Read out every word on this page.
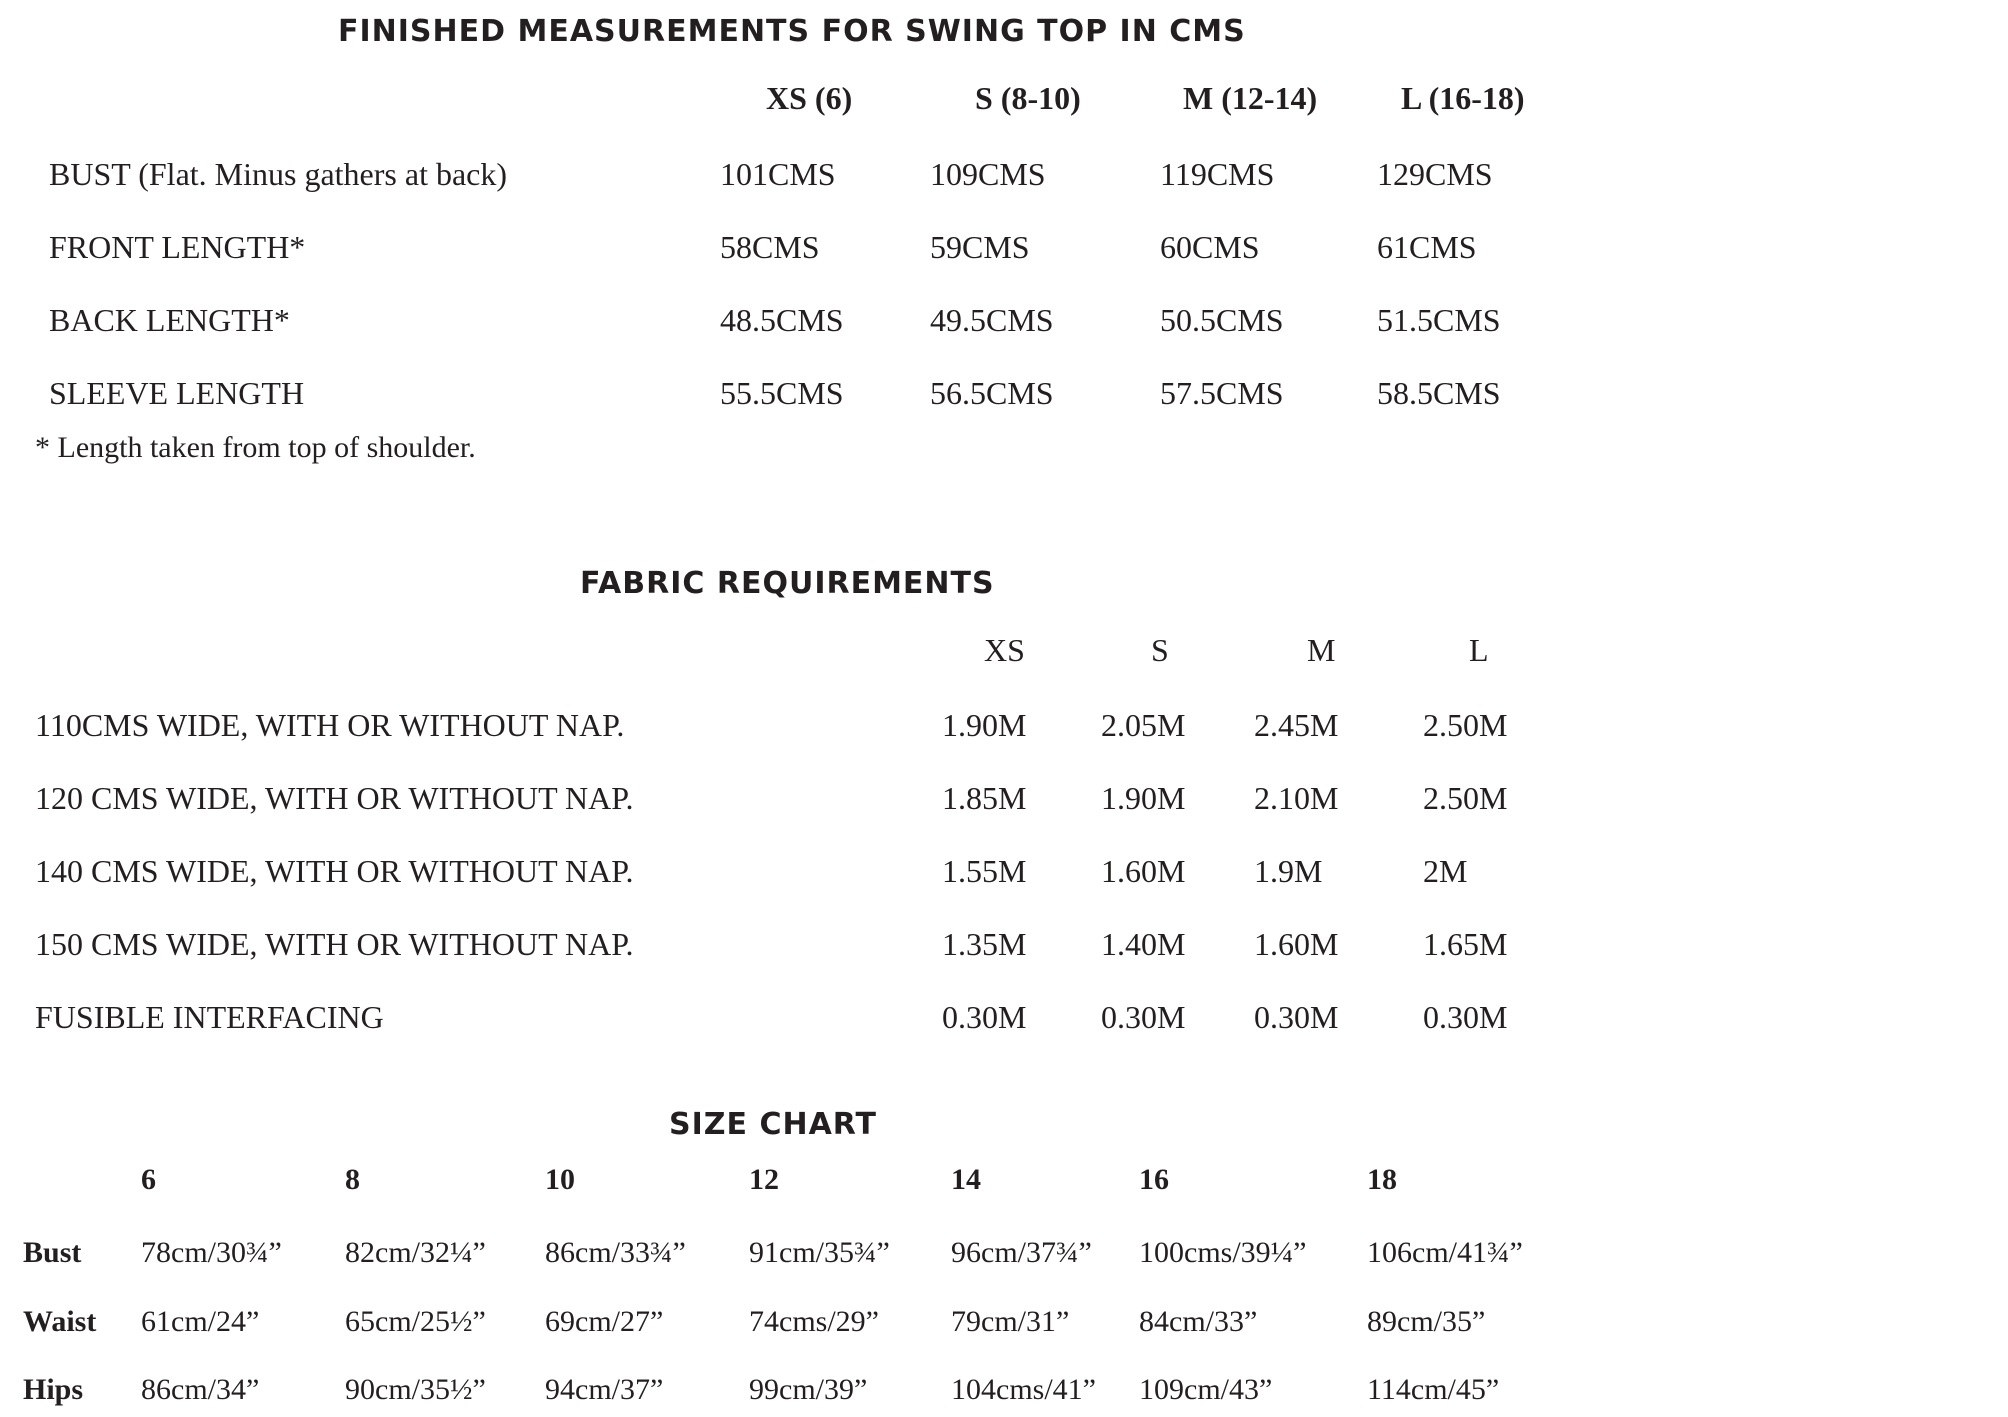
FINISHED MEASUREMENTS FOR SWING TOP IN CMS
XS (6)	S (8-10)	M (12-14)	L (16-18)
BUST (Flat. Minus gathers at back)	101CMS	109CMS	119CMS	129CMS
FRONT LENGTH*	58CMS	59CMS	60CMS	61CMS
BACK LENGTH*	48.5CMS	49.5CMS	50.5CMS	51.5CMS
SLEEVE LENGTH	55.5CMS	56.5CMS	57.5CMS	58.5CMS
* Length taken from top of shoulder.
FABRIC REQUIREMENTS
XS	S	M	L
110CMS WIDE, WITH OR WITHOUT NAP.	1.90M 2.05M 2.45M	2.50M
120 CMS WIDE, WITH OR WITHOUT NAP.	1.85M 1.90M 2.10M	2.50M
140 CMS WIDE, WITH OR WITHOUT NAP.	1.55M 1.60M 1.9M	2M
150 CMS WIDE, WITH OR WITHOUT NAP.	1.35M 1.40M 1.60M	1.65M
FUSIBLE INTERFACING	0.30M 0.30M 0.30M	0.30M
SIZE CHART
6	8	10	12	14	16	18
Bust 78cm/30¾” 82cm/32¼” 86cm/33¾” 91cm/35¾” 96cm/37¾” 100cms/39¼” 106cm/41¾”
Waist 61cm/24”	65cm/25½” 69cm/27”	74cms/29” 79cm/31” 84cm/33”	89cm/35”
Hips 86cm/34”	90cm/35½” 94cm/37”	99cm/39”	104cms/41” 109cm/43”	114cm/45”
